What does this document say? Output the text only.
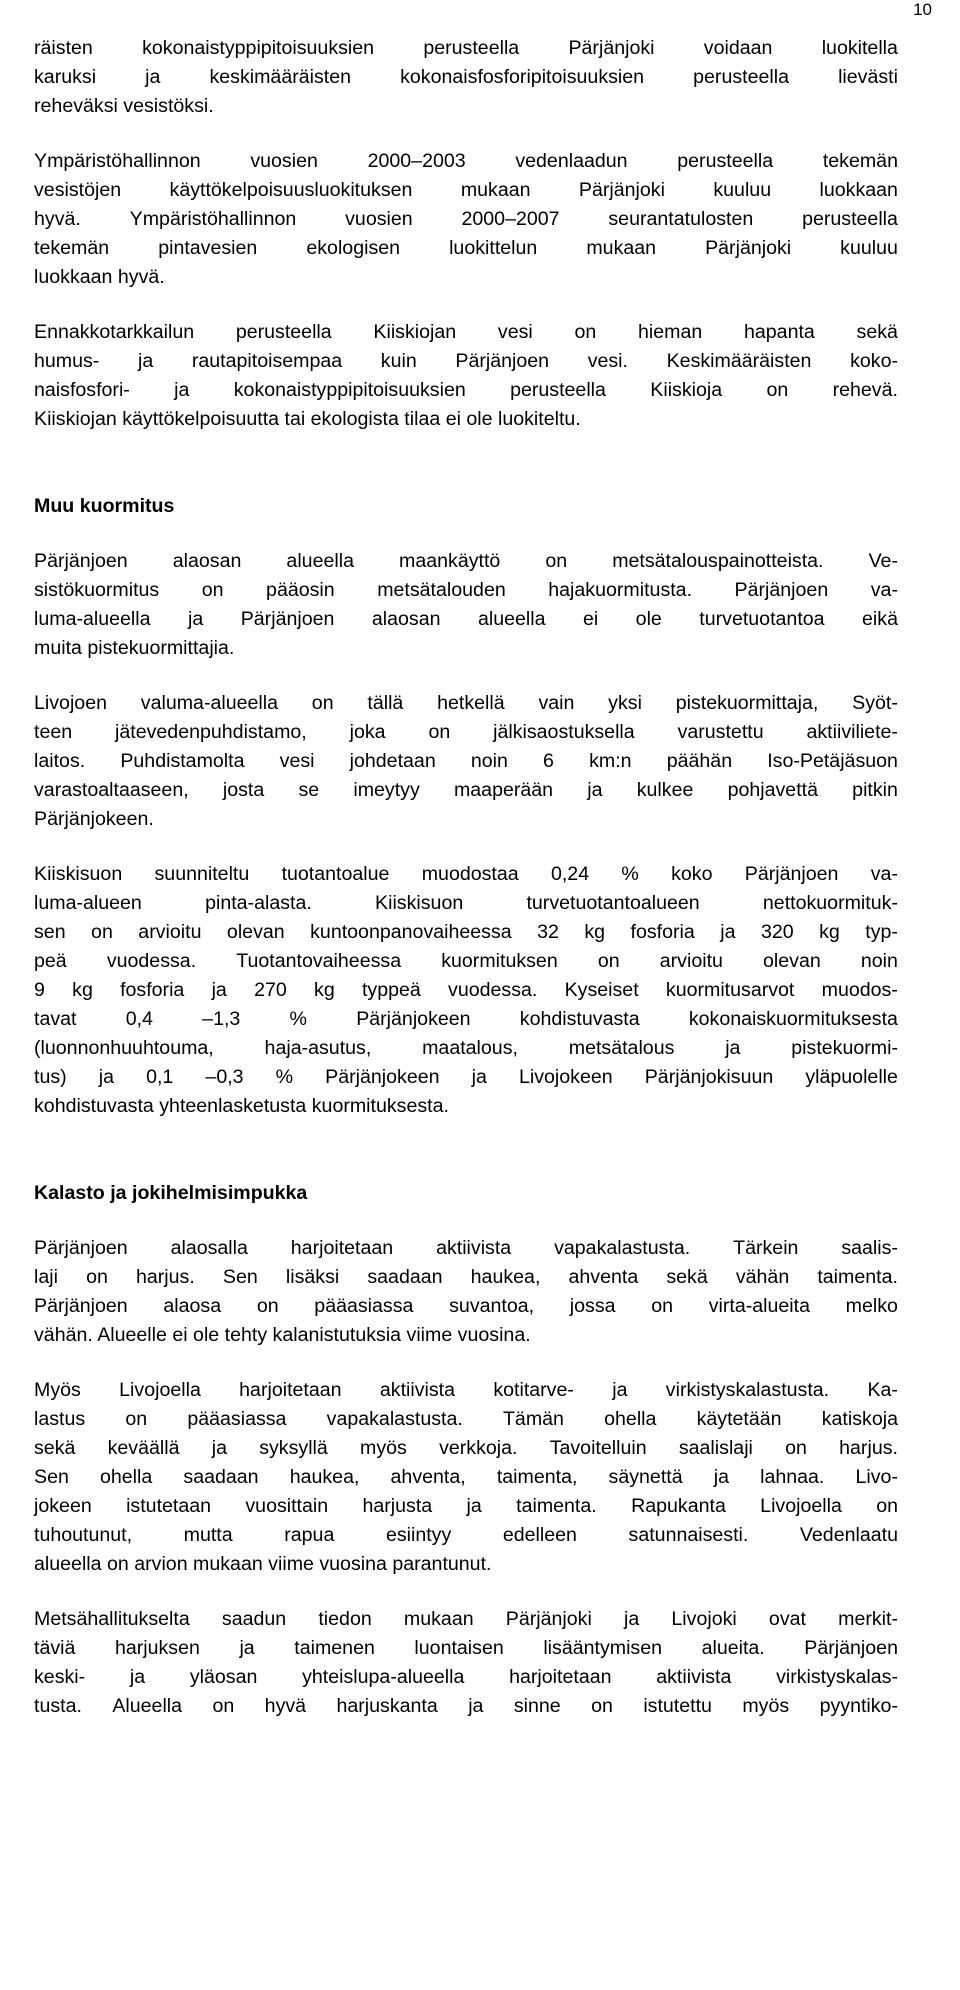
10

räisten	kokonaistyppipitoisuuksien	perusteella	Pärjänjoki	voidaan	luokitella
karuksi	ja	keskimääräisten	kokonaisfosforipitoisuuksien	perusteella	lievästi
reheväksi vesistöksi.

Ympäristöhallinnon	vuosien	2000–2003	vedenlaadun	perusteella	tekemän
vesistöjen käyttökelpoisuusluokituksen mukaan Pärjänjoki kuuluu luokkaan
hyvä. Ympäristöhallinnon vuosien 2000–2007 seurantatulosten perusteella
tekemän	pintavesien	ekologisen	luokittelun	mukaan	Pärjänjoki	kuuluu
luokkaan hyvä.

Ennakkotarkkailun perusteella Kiiskiojan vesi on hieman hapanta sekä
humus- ja rautapitoisempaa kuin Pärjänjoen vesi. Keskimääräisten koko-
naisfosfori- ja kokonaistyppipitoisuuksien perusteella Kiiskioja on rehevä.
Kiiskiojan käyttökelpoisuutta tai ekologista tilaa ei ole luokiteltu.

Muu kuormitus

Pärjänjoen alaosan alueella maankäyttö on metsätalouspainotteista. Ve-
sistökuormitus on pääosin metsätalouden hajakuormitusta. Pärjänjoen va-
luma-alueella ja Pärjänjoen alaosan alueella ei ole turvetuotantoa eikä
muita pistekuormittajia.

Livojoen valuma-alueella on tällä hetkellä vain yksi pistekuormittaja, Syöt-
teen jätevedenpuhdistamo, joka on jälkisaostuksella varustettu aktiiviliete-
laitos. Puhdistamolta vesi johdetaan noin 6 km:n päähän Iso-Petäjäsuon
varastoaltaaseen, josta se imeytyy maaperään ja kulkee pohjavettä pitkin
Pärjänjokeen.

Kiiskisuon suunniteltu tuotantoalue muodostaa 0,24 % koko Pärjänjoen va-
luma-alueen	pinta-alasta.	Kiiskisuon	turvetuotantoalueen	nettokuormituk-
sen on arvioitu olevan kuntoonpanovaiheessa 32 kg fosforia ja 320 kg typ-
peä vuodessa. Tuotantovaiheessa kuormituksen on arvioitu olevan noin
9 kg fosforia ja 270 kg typpeä vuodessa. Kyseiset kuormitusarvot muodos-
tavat	0,4	–1,3	%	Pärjänjokeen	kohdistuvasta	kokonaiskuormituksesta
(luonnonhuuhtouma,	haja-asutus,	maatalous,	metsätalous	ja	pistekuormi-
tus) ja 0,1 –0,3 % Pärjänjokeen ja Livojokeen Pärjänjokisuun yläpuolelle
kohdistuvasta yhteenlasketusta kuormituksesta.

Kalasto ja jokihelmisimpukka

Pärjänjoen alaosalla harjoitetaan aktiivista vapakalastusta. Tärkein saalis-
laji on harjus. Sen lisäksi saadaan haukea, ahventa sekä vähän taimenta.
Pärjänjoen alaosa on pääasiassa suvantoa, jossa on virta-alueita melko
vähän. Alueelle ei ole tehty kalanistutuksia viime vuosina.

Myös Livojoella harjoitetaan aktiivista kotitarve- ja virkistyskalastusta. Ka-
lastus on pääasiassa vapakalastusta. Tämän ohella käytetään katiskoja
sekä keväällä ja syksyllä myös verkkoja. Tavoitelluin saalislaji on harjus.
Sen ohella saadaan haukea, ahventa, taimenta, säynettä ja lahnaa. Livo-
jokeen istutetaan vuosittain harjusta ja taimenta. Rapukanta Livojoella on
tuhoutunut,	mutta	rapua	esiintyy	edelleen	satunnaisesti.	Vedenlaatu
alueella on arvion mukaan viime vuosina parantunut.

Metsähallitukselta saadun tiedon mukaan Pärjänjoki ja Livojoki ovat merkit-
täviä harjuksen ja taimenen luontaisen lisääntymisen alueita. Pärjänjoen
keski- ja yläosan yhteislupa-alueella harjoitetaan aktiivista virkistyskalas-
tusta. Alueella on hyvä harjuskanta ja sinne on istutettu myös pyyntiko-
